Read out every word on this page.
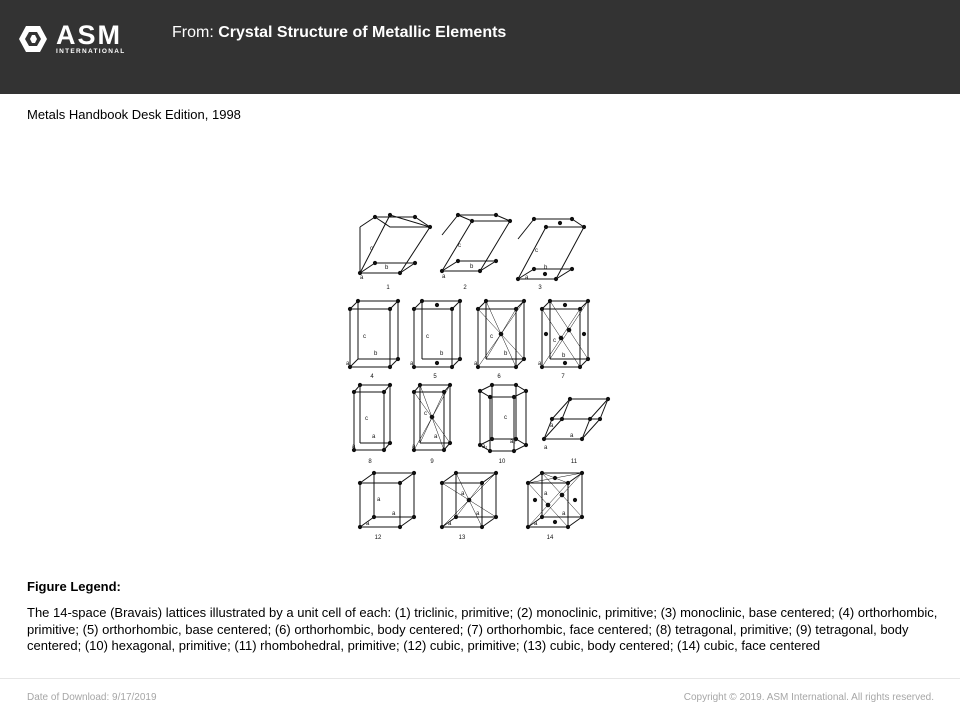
ASM
INTERNATIONAL
From: Crystal Structure of Metallic Elements
Metals Handbook Desk Edition, 1998
c
b
a
c
b
a
c
b
a
c
b
a
c
b
a
c
b
a
c
b
a
c
a
a
c
a
a
c
a₁
a₂
a
a
a
a
a
a
a
a
a
a
a
a
1	2	3
4	5	6	7
8	9	10	11
12	13	14
Figure Legend:
The 14-space (Bravais) lattices illustrated by a unit cell of each: (1) triclinic, primitive; (2) monoclinic, primitive; (3) monoclinic, base centered; (4) orthorhombic, primitive; (5) orthorhombic, base centered; (6) orthorhombic, body centered; (7) orthorhombic, face centered; (8) tetragonal, primitive; (9) tetragonal, body centered; (10) hexagonal, primitive; (11) rhombohedral, primitive; (12) cubic, primitive; (13) cubic, body centered; (14) cubic, face centered
Date of Download: 9/17/2019	Copyright © 2019. ASM International. All rights reserved.
